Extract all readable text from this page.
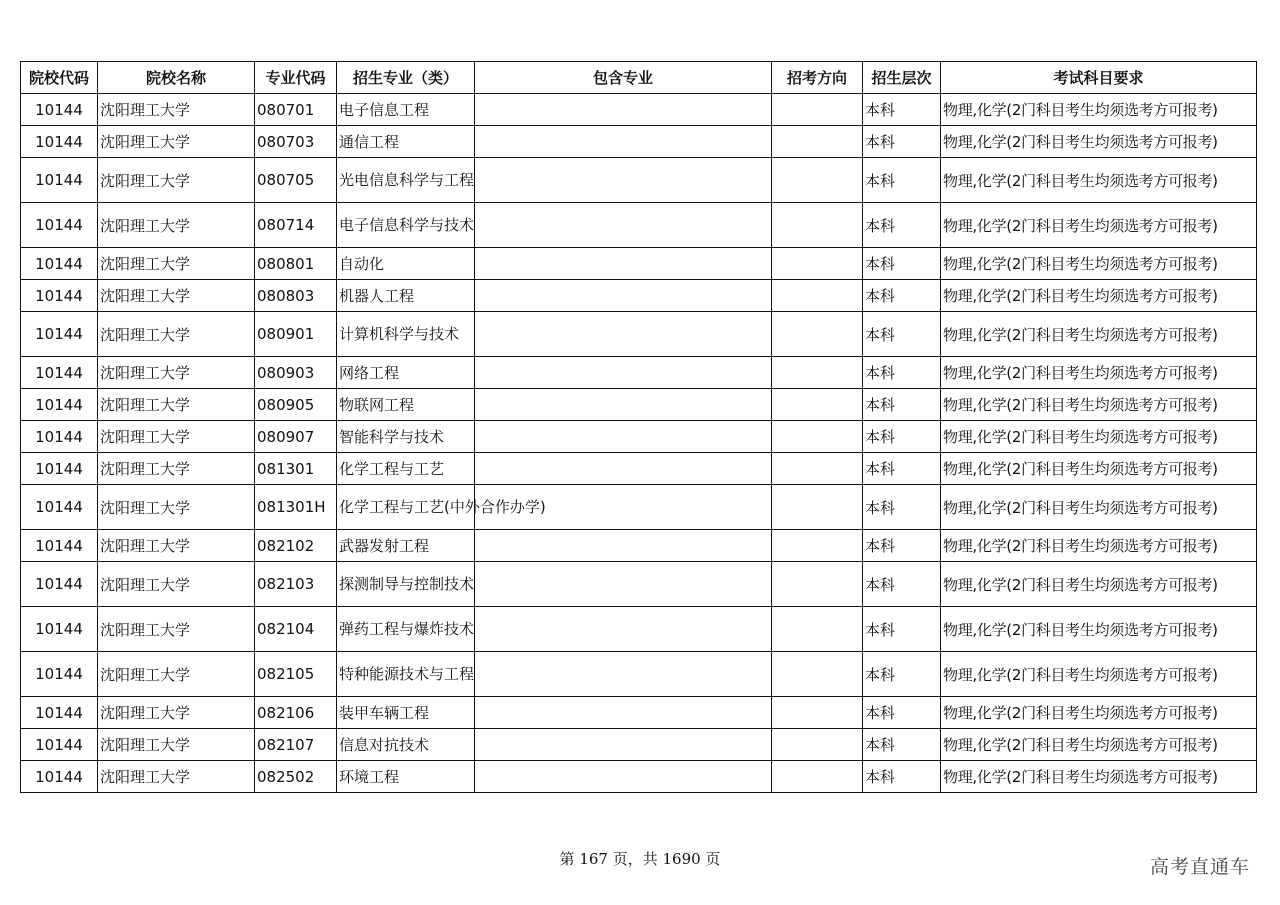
院校代码	院校名称	专业代码	招生专业（类）	包含专业	招考方向	招生层次	考试科目要求
10144	沈阳理工大学	080701	电子信息工程			本科	物理,化学(2门科目考生均须选考方可报考)
10144	沈阳理工大学	080703	通信工程			本科	物理,化学(2门科目考生均须选考方可报考)
10144	沈阳理工大学	080705	光电信息科学与工程			本科	物理,化学(2门科目考生均须选考方可报考)
10144	沈阳理工大学	080714	电子信息科学与技术			本科	物理,化学(2门科目考生均须选考方可报考)
10144	沈阳理工大学	080801	自动化			本科	物理,化学(2门科目考生均须选考方可报考)
10144	沈阳理工大学	080803	机器人工程			本科	物理,化学(2门科目考生均须选考方可报考)
10144	沈阳理工大学	080901	计算机科学与技术			本科	物理,化学(2门科目考生均须选考方可报考)
10144	沈阳理工大学	080903	网络工程			本科	物理,化学(2门科目考生均须选考方可报考)
10144	沈阳理工大学	080905	物联网工程			本科	物理,化学(2门科目考生均须选考方可报考)
10144	沈阳理工大学	080907	智能科学与技术			本科	物理,化学(2门科目考生均须选考方可报考)
10144	沈阳理工大学	081301	化学工程与工艺			本科	物理,化学(2门科目考生均须选考方可报考)
10144	沈阳理工大学	081301H	化学工程与工艺(中外合作办学)			本科	物理,化学(2门科目考生均须选考方可报考)
10144	沈阳理工大学	082102	武器发射工程			本科	物理,化学(2门科目考生均须选考方可报考)
10144	沈阳理工大学	082103	探测制导与控制技术			本科	物理,化学(2门科目考生均须选考方可报考)
10144	沈阳理工大学	082104	弹药工程与爆炸技术			本科	物理,化学(2门科目考生均须选考方可报考)
10144	沈阳理工大学	082105	特种能源技术与工程			本科	物理,化学(2门科目考生均须选考方可报考)
10144	沈阳理工大学	082106	装甲车辆工程			本科	物理,化学(2门科目考生均须选考方可报考)
10144	沈阳理工大学	082107	信息对抗技术			本科	物理,化学(2门科目考生均须选考方可报考)
10144	沈阳理工大学	082502	环境工程			本科	物理,化学(2门科目考生均须选考方可报考)
第 167 页，共 1690 页	高考直通车
